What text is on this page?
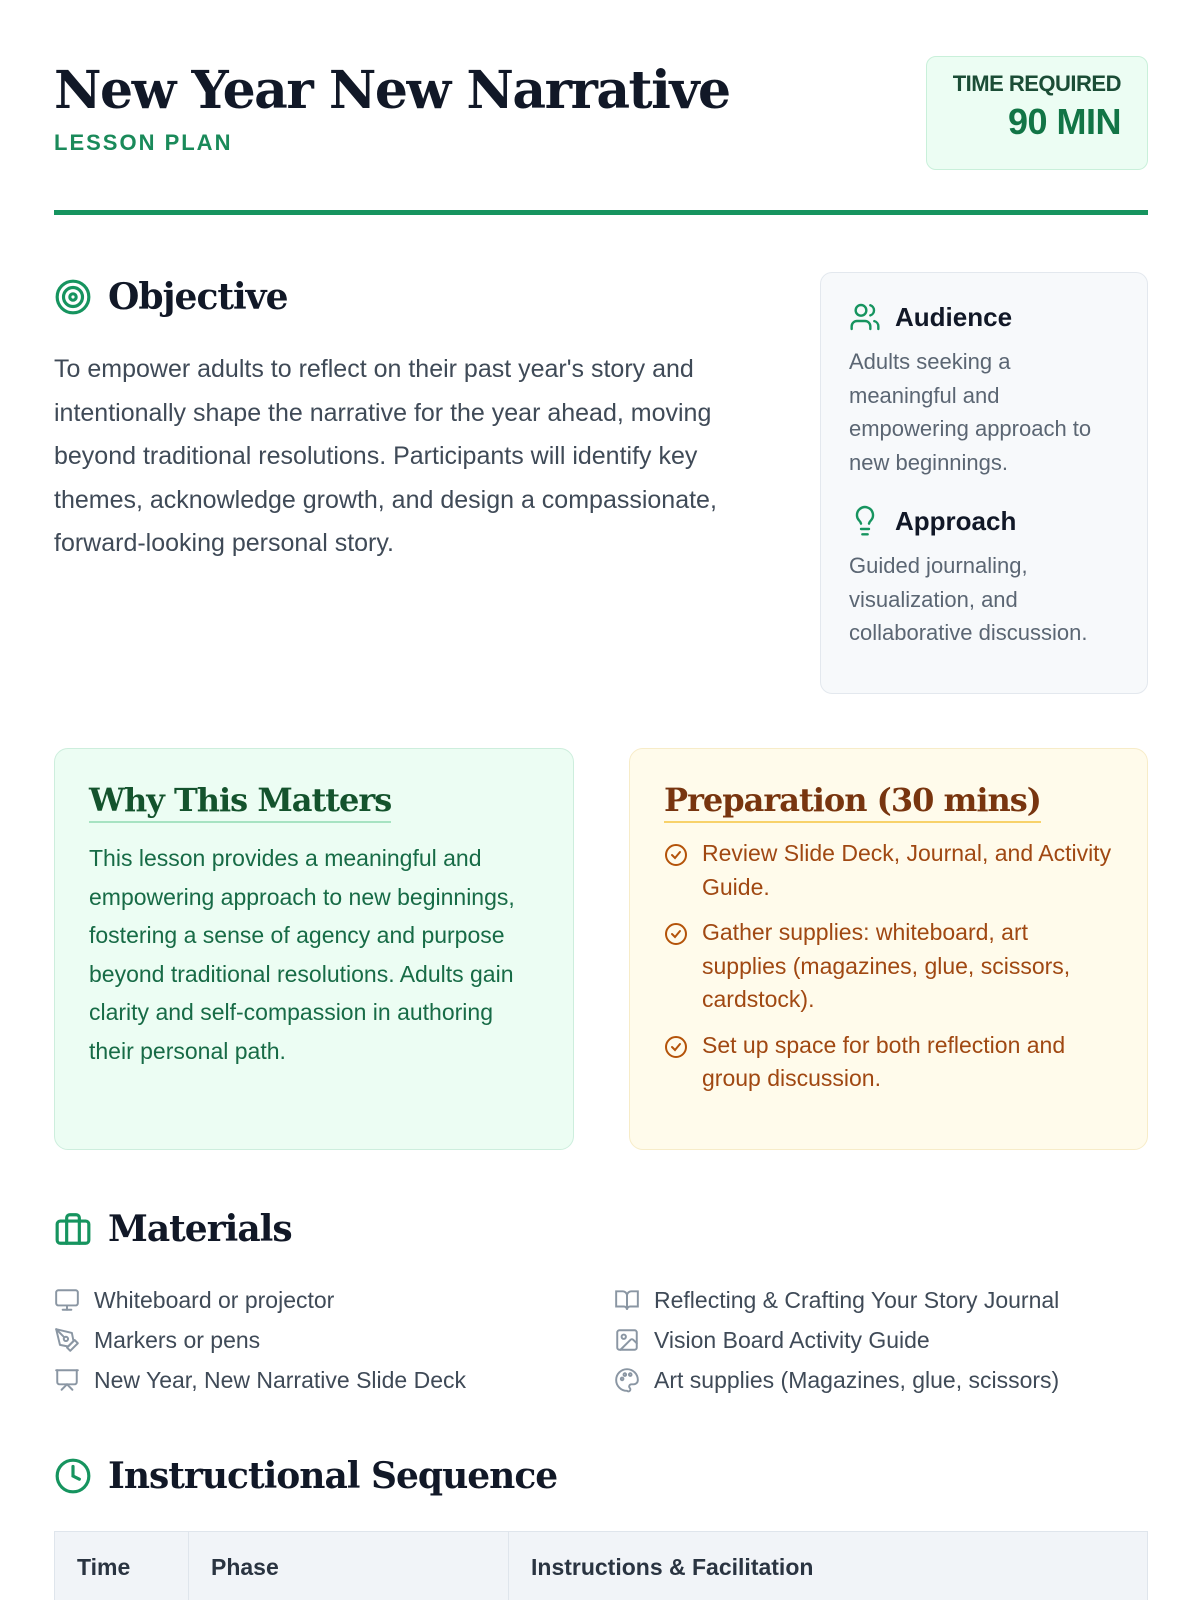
New Year New Narrative
LESSON PLAN
TIME REQUIRED
90 MIN
Objective

To empower adults to reflect on their past year's story and intentionally shape the narrative for the year ahead, moving beyond traditional resolutions. Participants will identify key themes, acknowledge growth, and design a compassionate, forward-looking personal story.

Audience

Adults seeking a meaningful and empowering approach to new beginnings.

Approach

Guided journaling, visualization, and collaborative discussion.

Why This Matters

This lesson provides a meaningful and empowering approach to new beginnings, fostering a sense of agency and purpose beyond traditional resolutions. Adults gain clarity and self-compassion in authoring their personal path.

Preparation (30 mins)
Review Slide Deck, Journal, and Activity Guide.
Gather supplies: whiteboard, art supplies (magazines, glue, scissors, cardstock).
Set up space for both reflection and group discussion.
Materials
Whiteboard or projector	Reflecting & Crafting Your Story Journal
Markers or pens	Vision Board Activity Guide
New Year, New Narrative Slide Deck	Art supplies (Magazines, glue, scissors)
Instructional Sequence
Time	Phase	Instructions & Facilitation
